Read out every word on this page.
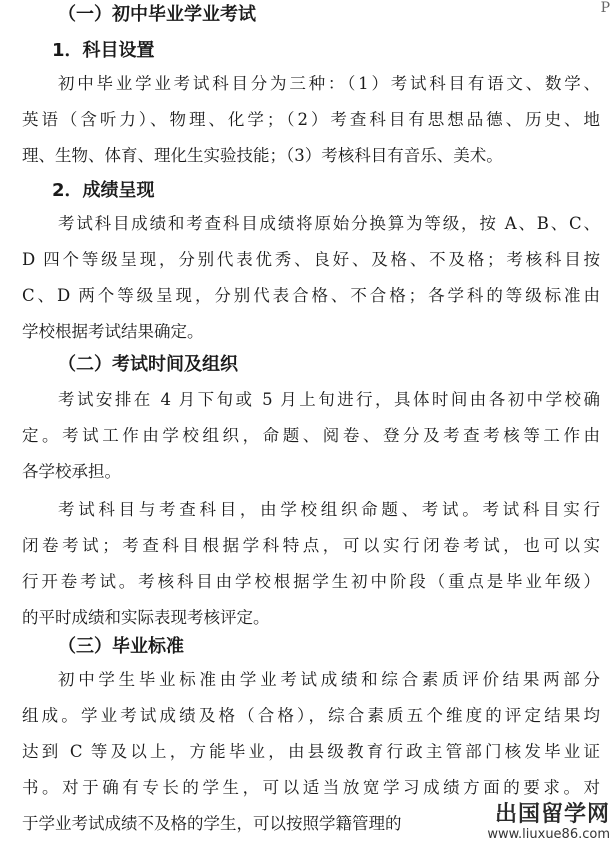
P
（一）初中毕业学业考试
1．科目设置
初中毕业学业考试科目分为三种：（1）考试科目有语文、数学、
英语（含听力）、物理、化学；（2）考查科目有思想品德、历史、地
理、生物、体育、理化生实验技能；（3）考核科目有音乐、美术。
2．成绩呈现
考试科目成绩和考查科目成绩将原始分换算为等级，按 A、B、C、
D 四个等级呈现，分别代表优秀、良好、及格、不及格；考核科目按
C、D 两个等级呈现，分别代表合格、不合格；各学科的等级标准由
学校根据考试结果确定。
（二）考试时间及组织
考试安排在 4 月下旬或 5 月上旬进行，具体时间由各初中学校确
定。考试工作由学校组织，命题、阅卷、登分及考查考核等工作由
各学校承担。
考试科目与考查科目，由学校组织命题、考试。考试科目实行
闭卷考试；考查科目根据学科特点，可以实行闭卷考试，也可以实
行开卷考试。考核科目由学校根据学生初中阶段（重点是毕业年级）
的平时成绩和实际表现考核评定。
（三）毕业标准
初中学生毕业标准由学业考试成绩和综合素质评价结果两部分
组成。学业考试成绩及格（合格），综合素质五个维度的评定结果均
达到 C 等及以上，方能毕业，由县级教育行政主管部门核发毕业证
书。对于确有专长的学生，可以适当放宽学习成绩方面的要求。对
于学业考试成绩不及格的学生，可以按照学籍管理的	出国留学网
www.liuxue86.com
